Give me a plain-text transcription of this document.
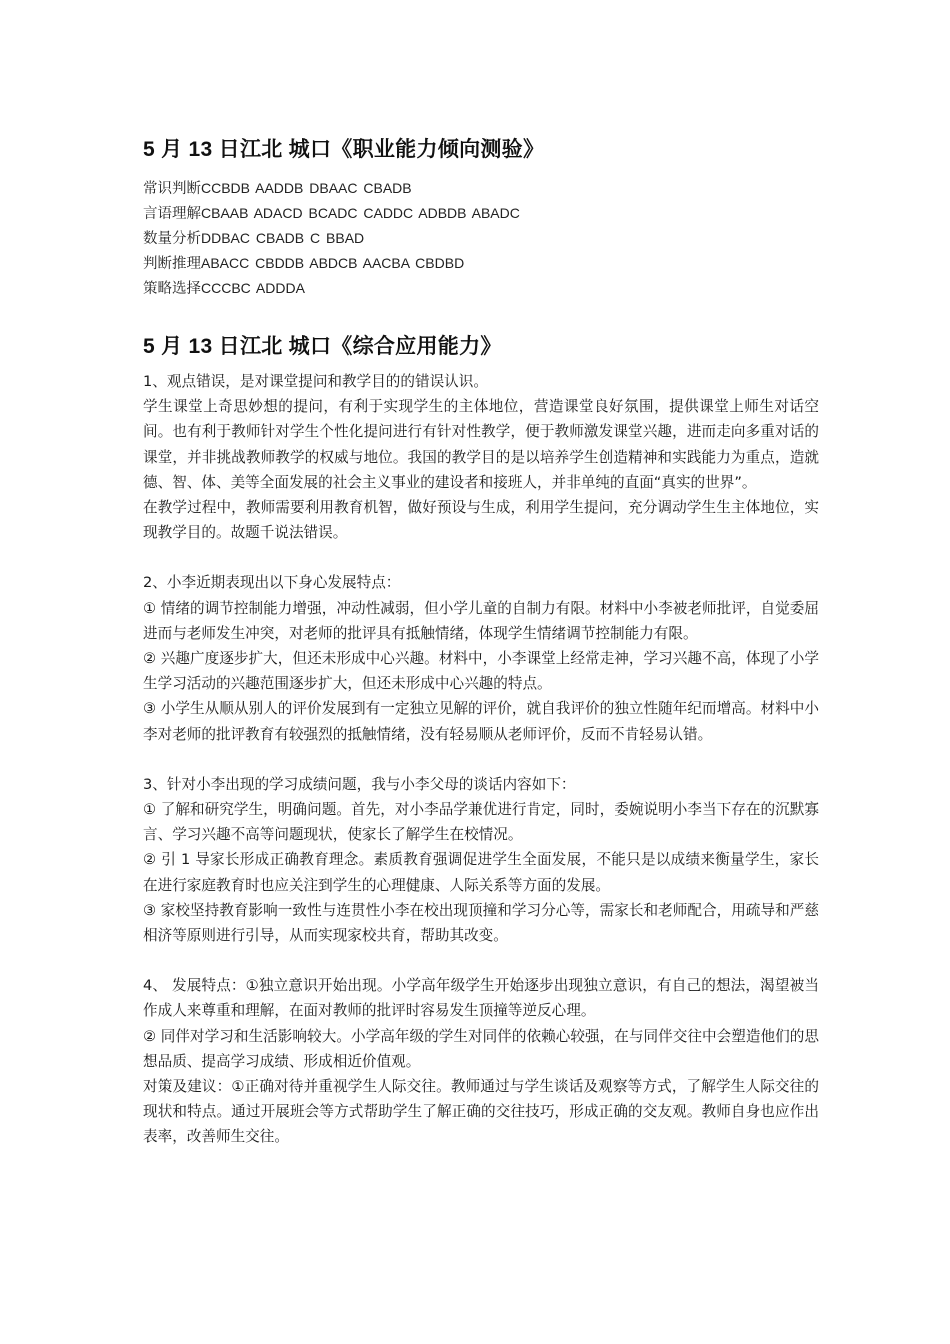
5 月 13 日江北 城口《职业能力倾向测验》
常识判断CCBDB AADDB DBAAC CBADB
言语理解CBAAB ADACD BCADC CADDC ADBDB ABADC
数量分析DDBAC CBADB C BBAD
判断推理ABACC CBDDB ABDCB AACBA CBDBD
策略选择CCCBC ADDDA
5 月 13 日江北 城口《综合应用能力》

1、观点错误，是对课堂提问和教学目的的错误认识。

学生课堂上奇思妙想的提问，有利于实现学生的主体地位，营造课堂良好氛围，提供课堂上师生对话空间。也有利于教师针对学生个性化提问进行有针对性教学，便于教师激发课堂兴趣，进而走向多重对话的课堂，并非挑战教师教学的权威与地位。我国的教学目的是以培养学生创造精神和实践能力为重点，造就德、智、体、美等全面发展的社会主义事业的建设者和接班人，并非单纯的直面“真实的世界”。

在教学过程中，教师需要利用教育机智，做好预设与生成，利用学生提问，充分调动学生生主体地位，实现教学目的。故题千说法错误。

2、小李近期表现出以下身心发展特点：

① 情绪的调节控制能力增强，冲动性减弱，但小学儿童的自制力有限。材料中小李被老师批评，自觉委屈进而与老师发生冲突，对老师的批评具有抵触情绪，体现学生情绪调节控制能力有限。

② 兴趣广度逐步扩大，但还未形成中心兴趣。材料中，小李课堂上经常走神，学习兴趣不高，体现了小学生学习活动的兴趣范围逐步扩大，但还未形成中心兴趣的特点。

③ 小学生从顺从别人的评价发展到有一定独立见解的评价，就自我评价的独立性随年纪而增高。材料中小李对老师的批评教育有较强烈的抵触情绪，没有轻易顺从老师评价，反而不肯轻易认错。

3、针对小李出现的学习成绩问题，我与小李父母的谈话内容如下：

① 了解和研究学生，明确问题。首先，对小李品学兼优进行肯定，同时，委婉说明小李当下存在的沉默寡言、学习兴趣不高等问题现状，使家长了解学生在校情况。

② 引 1 导家长形成正确教育理念。素质教育强调促进学生全面发展，不能只是以成绩来衡量学生，家长在进行家庭教育时也应关注到学生的心理健康、人际关系等方面的发展。

③ 家校坚持教育影响一致性与连贯性小李在校出现顶撞和学习分心等，需家长和老师配合，用疏导和严慈相济等原则进行引导，从而实现家校共育，帮助其改变。

4、 发展特点：①独立意识开始出现。小学高年级学生开始逐步出现独立意识，有自己的想法，渴望被当作成人来尊重和理解，在面对教师的批评时容易发生顶撞等逆反心理。

② 同伴对学习和生活影响较大。小学高年级的学生对同伴的依赖心较强，在与同伴交往中会塑造他们的思想品质、提高学习成绩、形成相近价值观。

对策及建议：①正确对待并重视学生人际交往。教师通过与学生谈话及观察等方式，了解学生人际交往的现状和特点。通过开展班会等方式帮助学生了解正确的交往技巧，形成正确的交友观。教师自身也应作出表率，改善师生交往。
